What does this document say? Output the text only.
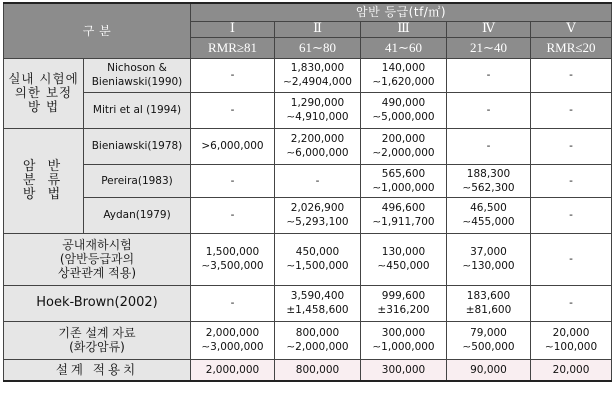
구 분		암반 등급(tf/㎡)				
		Ⅰ	Ⅱ	Ⅲ	Ⅳ	Ⅴ
		RMR≥81	61∼80	41∼60	21∼40	RMR≤20

실내 시험에
의한 보정
방 법	Nichoson &
Bieniawski(1990)	-	1,830,000
∼2,4904,000	140,000
∼1,620,000	-	-

	Mitri et al (1994)	-	1,290,000
∼4,910,000	490,000
∼5,000,000	-	-

암 반
분 류
방 법	Bieniawski(1978)	>6,000,000	2,200,000
∼6,000,000	200,000
∼2,000,000	-	-

	Pereira(1983)	-	-	565,600
∼1,000,000	188,300
∼562,300	-

	Aydan(1979)	-	2,026,900
∼5,293,100	496,600
∼1,911,700	46,500
∼455,000	-

공내재하시험
(암반등급과의
상관관계 적용)		1,500,000
∼3,500,000	450,000
∼1,500,000	130,000
∼450,000	37,000
∼130,000	-

Hoek-Brown(2002)		-	3,590,400
±1,458,600	999,600
±316,200	183,600
±81,600	-

기존 설계 자료
(화강암류)		2,000,000
∼3,000,000	800,000
∼2,000,000	300,000
∼1,000,000	79,000
∼500,000	20,000
∼100,000

설계 적용치		2,000,000	800,000	300,000	90,000	20,000
